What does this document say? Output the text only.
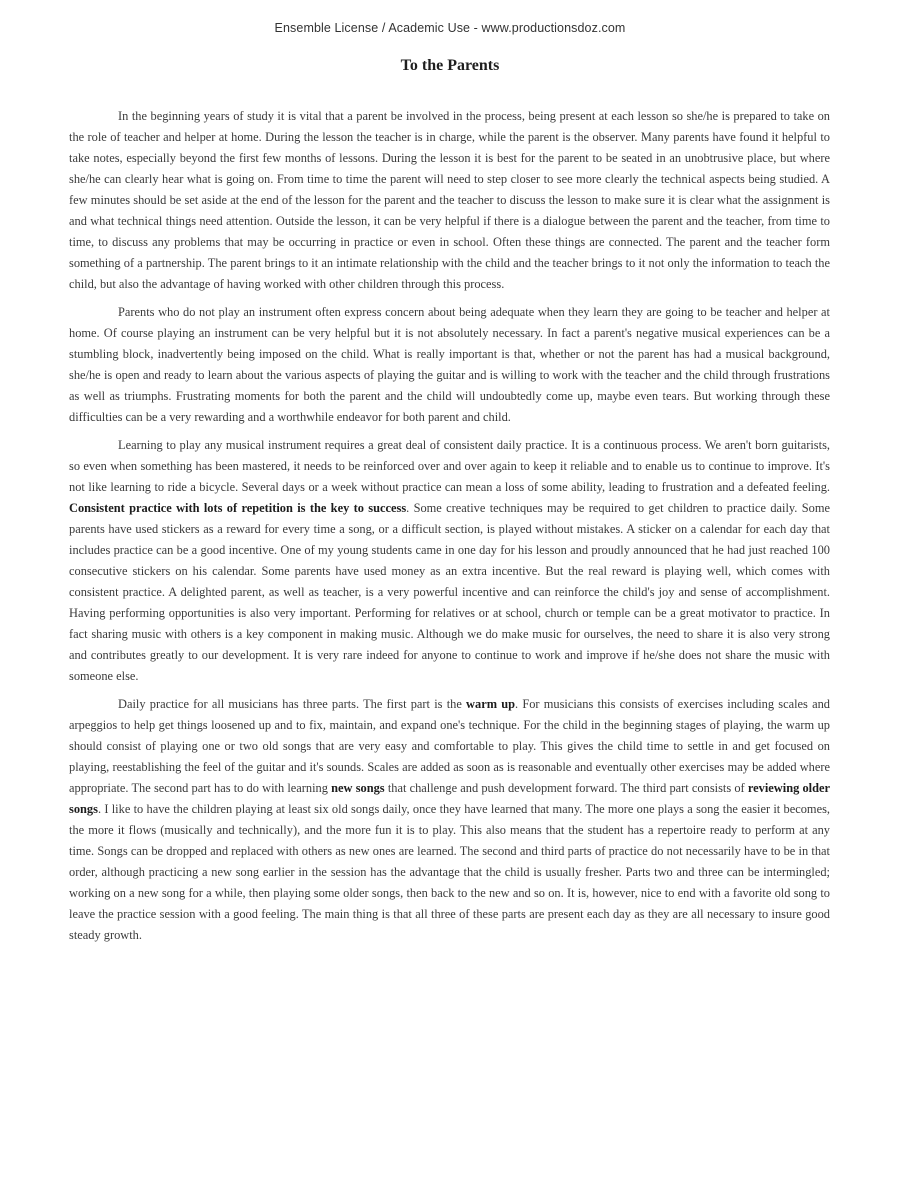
Ensemble License / Academic Use - www.productionsdoz.com
To the Parents

In the beginning years of study it is vital that a parent be involved in the process, being present at each lesson so she/he is prepared to take on the role of teacher and helper at home. During the lesson the teacher is in charge, while the parent is the observer. Many parents have found it helpful to take notes, especially beyond the first few months of lessons. During the lesson it is best for the parent to be seated in an unobtrusive place, but where she/he can clearly hear what is going on. From time to time the parent will need to step closer to see more clearly the technical aspects being studied. A few minutes should be set aside at the end of the lesson for the parent and the teacher to discuss the lesson to make sure it is clear what the assignment is and what technical things need attention. Outside the lesson, it can be very helpful if there is a dialogue between the parent and the teacher, from time to time, to discuss any problems that may be occurring in practice or even in school. Often these things are connected. The parent and the teacher form something of a partnership. The parent brings to it an intimate relationship with the child and the teacher brings to it not only the information to teach the child, but also the advantage of having worked with other children through this process.

Parents who do not play an instrument often express concern about being adequate when they learn they are going to be teacher and helper at home. Of course playing an instrument can be very helpful but it is not absolutely necessary. In fact a parent's negative musical experiences can be a stumbling block, inadvertently being imposed on the child. What is really important is that, whether or not the parent has had a musical background, she/he is open and ready to learn about the various aspects of playing the guitar and is willing to work with the teacher and the child through frustrations as well as triumphs. Frustrating moments for both the parent and the child will undoubtedly come up, maybe even tears. But working through these difficulties can be a very rewarding and a worthwhile endeavor for both parent and child.

Learning to play any musical instrument requires a great deal of consistent daily practice. It is a continuous process. We aren't born guitarists, so even when something has been mastered, it needs to be reinforced over and over again to keep it reliable and to enable us to continue to improve. It's not like learning to ride a bicycle. Several days or a week without practice can mean a loss of some ability, leading to frustration and a defeated feeling. Consistent practice with lots of repetition is the key to success. Some creative techniques may be required to get children to practice daily. Some parents have used stickers as a reward for every time a song, or a difficult section, is played without mistakes. A sticker on a calendar for each day that includes practice can be a good incentive. One of my young students came in one day for his lesson and proudly announced that he had just reached 100 consecutive stickers on his calendar. Some parents have used money as an extra incentive. But the real reward is playing well, which comes with consistent practice. A delighted parent, as well as teacher, is a very powerful incentive and can reinforce the child's joy and sense of accomplishment. Having performing opportunities is also very important. Performing for relatives or at school, church or temple can be a great motivator to practice. In fact sharing music with others is a key component in making music. Although we do make music for ourselves, the need to share it is also very strong and contributes greatly to our development. It is very rare indeed for anyone to continue to work and improve if he/she does not share the music with someone else.

Daily practice for all musicians has three parts. The first part is the warm up. For musicians this consists of exercises including scales and arpeggios to help get things loosened up and to fix, maintain, and expand one's technique. For the child in the beginning stages of playing, the warm up should consist of playing one or two old songs that are very easy and comfortable to play. This gives the child time to settle in and get focused on playing, reestablishing the feel of the guitar and it's sounds. Scales are added as soon as is reasonable and eventually other exercises may be added where appropriate. The second part has to do with learning new songs that challenge and push development forward. The third part consists of reviewing older songs. I like to have the children playing at least six old songs daily, once they have learned that many. The more one plays a song the easier it becomes, the more it flows (musically and technically), and the more fun it is to play. This also means that the student has a repertoire ready to perform at any time. Songs can be dropped and replaced with others as new ones are learned. The second and third parts of practice do not necessarily have to be in that order, although practicing a new song earlier in the session has the advantage that the child is usually fresher. Parts two and three can be intermingled; working on a new song for a while, then playing some older songs, then back to the new and so on. It is, however, nice to end with a favorite old song to leave the practice session with a good feeling. The main thing is that all three of these parts are present each day as they are all necessary to insure good steady growth.
